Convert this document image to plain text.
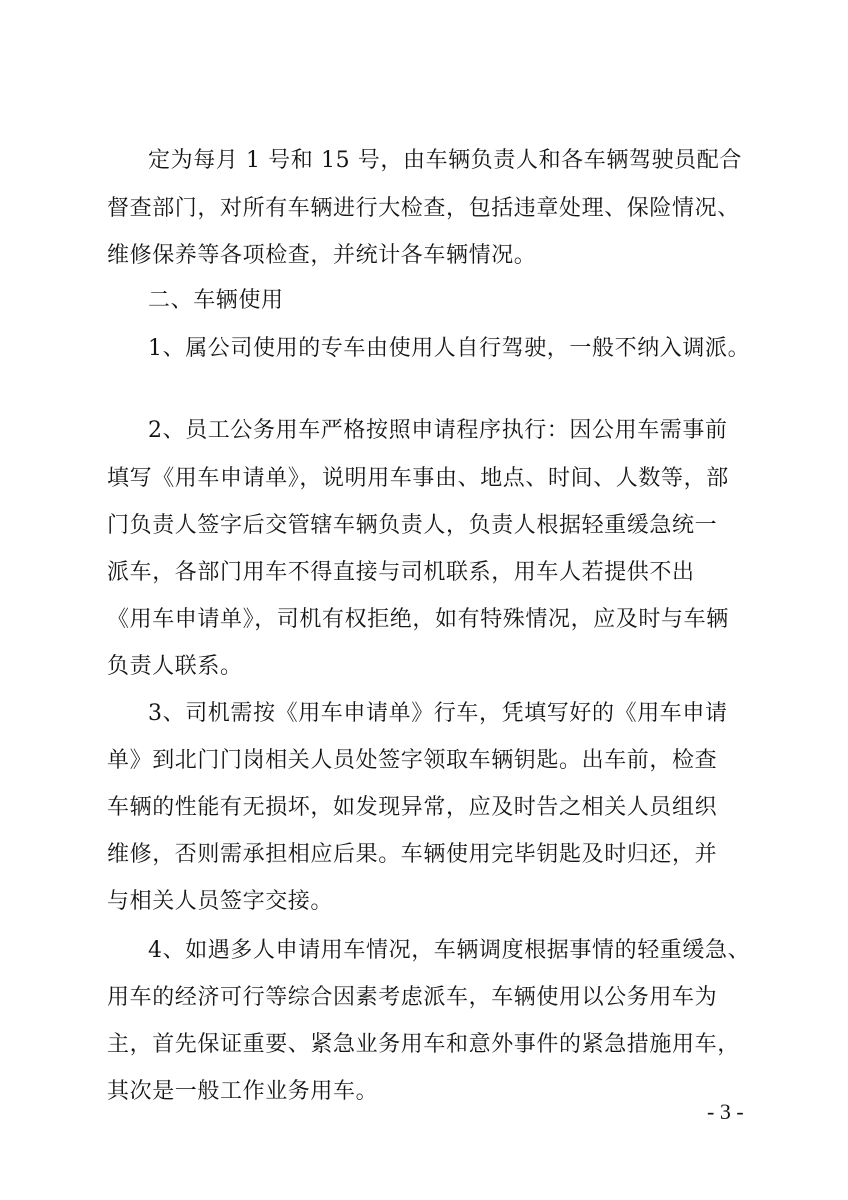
定为每月 1 号和 15 号，由车辆负责人和各车辆驾驶员配合
督查部门，对所有车辆进行大检查，包括违章处理、保险情况、
维修保养等各项检查，并统计各车辆情况。
二、车辆使用
1、属公司使用的专车由使用人自行驾驶，一般不纳入调派。
2、员工公务用车严格按照申请程序执行：因公用车需事前
填写《用车申请单》，说明用车事由、地点、时间、人数等，部
门负责人签字后交管辖车辆负责人，负责人根据轻重缓急统一
派车，各部门用车不得直接与司机联系，用车人若提供不出
《用车申请单》，司机有权拒绝，如有特殊情况，应及时与车辆
负责人联系。
3、司机需按《用车申请单》行车，凭填写好的《用车申请
单》到北门门岗相关人员处签字领取车辆钥匙。出车前，检查
车辆的性能有无损坏，如发现异常，应及时告之相关人员组织
维修，否则需承担相应后果。车辆使用完毕钥匙及时归还，并
与相关人员签字交接。
4、如遇多人申请用车情况，车辆调度根据事情的轻重缓急、
用车的经济可行等综合因素考虑派车，车辆使用以公务用车为
主，首先保证重要、紧急业务用车和意外事件的紧急措施用车，
其次是一般工作业务用车。
- 3 -
